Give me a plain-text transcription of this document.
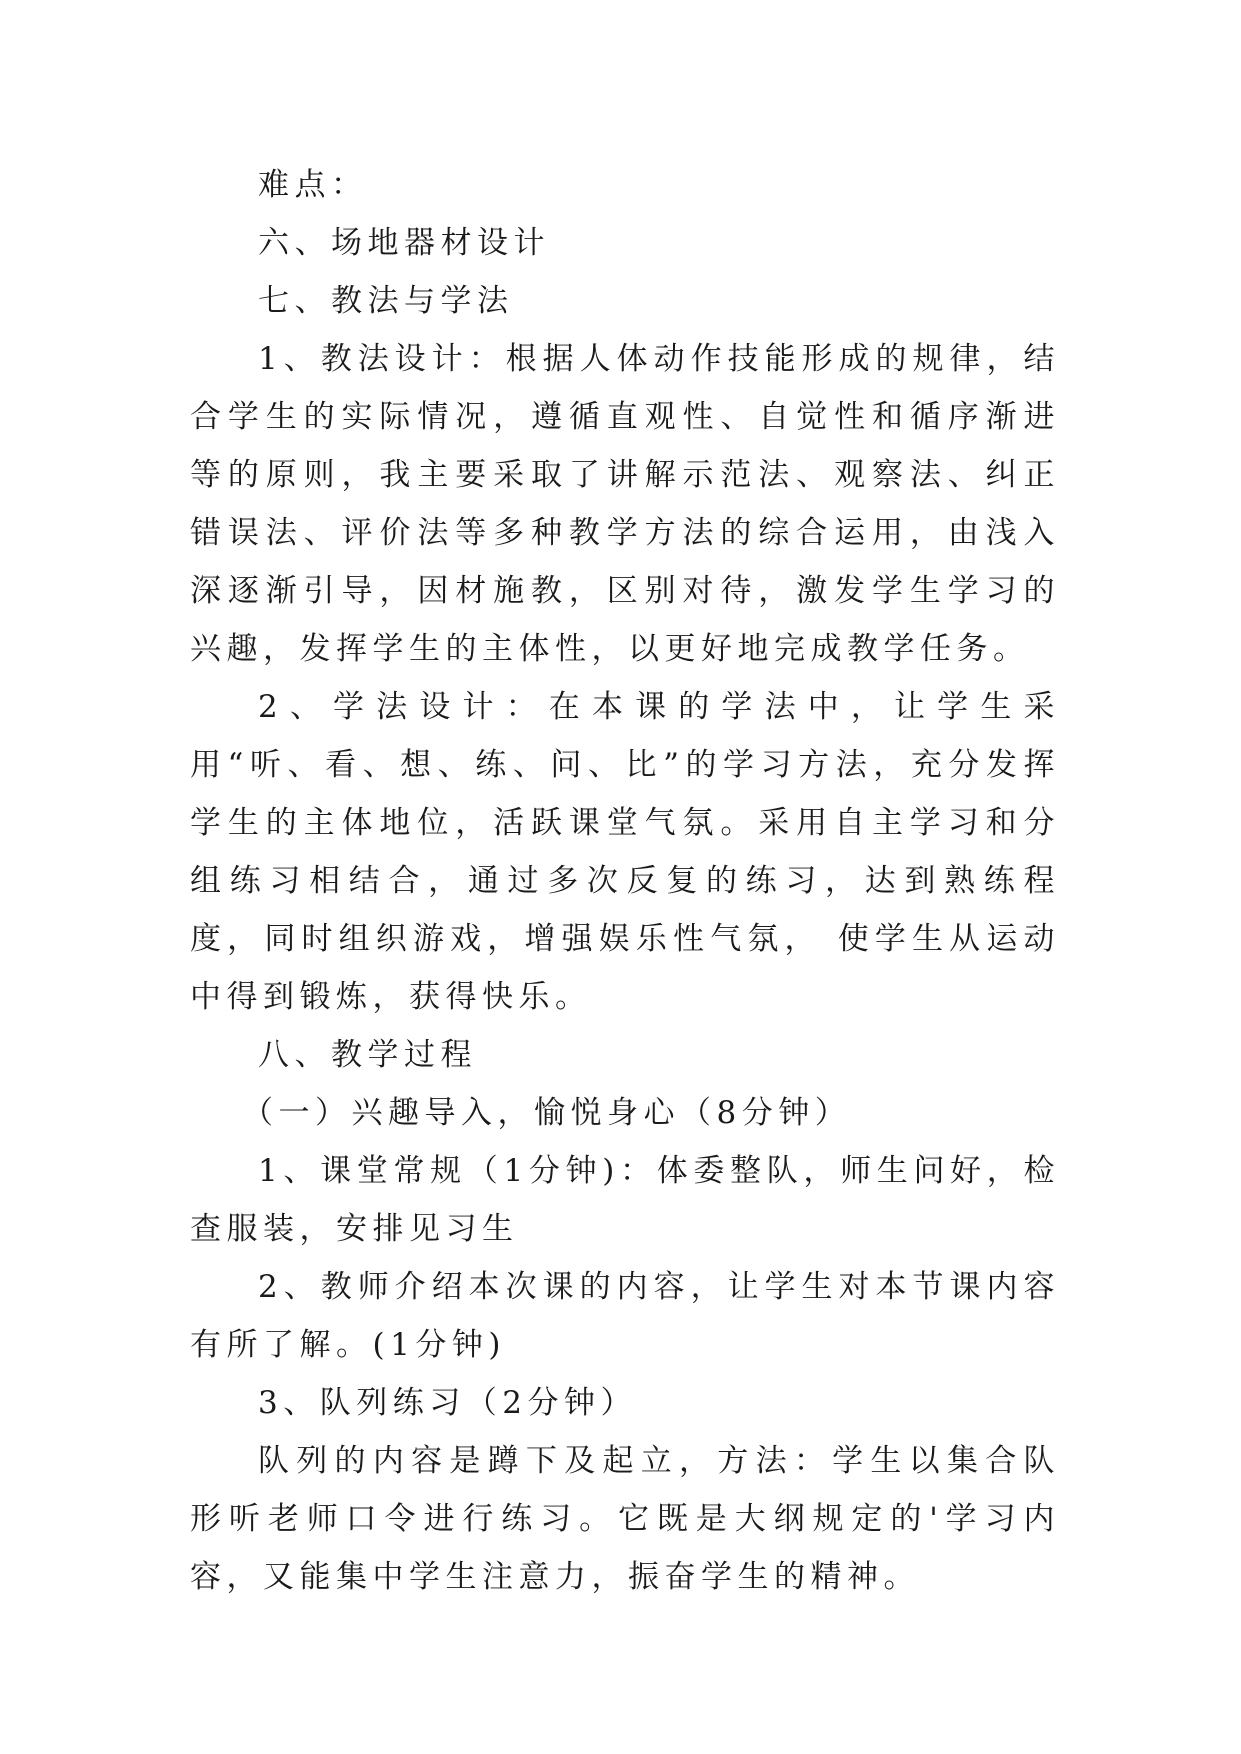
难点：

六、场地器材设计

七、教法与学法

1、教法设计：根据人体动作技能形成的规律，结合学生的实际情况，遵循直观性、自觉性和循序渐进等的原则，我主要采取了讲解示范法、观察法、纠正错误法、评价法等多种教学方法的综合运用，由浅入深逐渐引导，因材施教，区别对待，激发学生学习的兴趣，发挥学生的主体性，以更好地完成教学任务。

2、学法设计：在本课的学法中，让学生采用“听、看、想、练、问、比”的学习方法，充分发挥学生的主体地位，活跃课堂气氛。采用自主学习和分组练习相结合，通过多次反复的练习，达到熟练程度，同时组织游戏，增强娱乐性气氛， 使学生从运动中得到锻炼，获得快乐。

八、教学过程

（一）兴趣导入，愉悦身心（8分钟）

1、课堂常规（1分钟)：体委整队，师生问好，检查服装，安排见习生

2、教师介绍本次课的内容，让学生对本节课内容有所了解。(1分钟)

3、队列练习（2分钟）

队列的内容是蹲下及起立，方法：学生以集合队形听老师口令进行练习。它既是大纲规定的'学习内容，又能集中学生注意力，振奋学生的精神。
